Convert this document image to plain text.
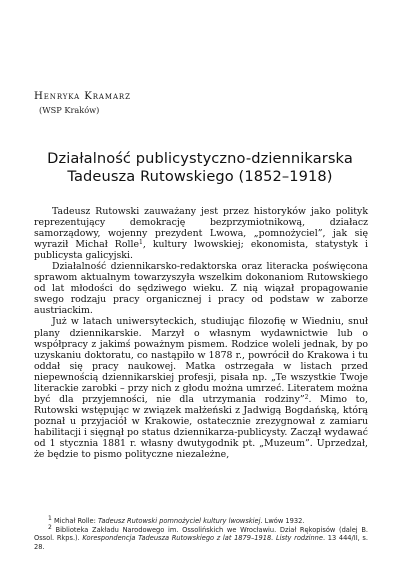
Henryka Kramarz
(WSP Kraków)
Działalność publicystyczno-dziennikarska
Tadeusza Rutowskiego (1852–1918)

Tadeusz Rutowski zauważany jest przez historyków jako polityk reprezentujący demokrację bezprzymiotnikową, działacz samorządowy, wojenny prezydent Lwowa, „pomnożyciel”, jak się wyraził Michał Rolle$^1$, kultury lwowskiej; ekonomista, statystyk i publicysta galicyjski.

Działalność dziennikarsko-redaktorska oraz literacka poświęcona sprawom aktualnym towarzyszyła wszelkim dokonaniom Rutowskiego od lat młodości do sędziwego wieku. Z nią wiązał propagowanie swego rodzaju pracy organicznej i pracy od podstaw w zaborze austriackim.

Już w latach uniwersyteckich, studiując filozofię w Wiedniu, snuł plany dziennikarskie. Marzył o własnym wydawnictwie lub o współpracy z jakimś poważnym pismem. Rodzice woleli jednak, by po uzyskaniu doktoratu, co nastąpiło w 1878 r., powrócił do Krakowa i tu oddał się pracy naukowej. Matka ostrzegała w listach przed niepewnością dziennikarskiej profesji, pisała np. „Te wszystkie Twoje literackie zarobki – przy nich z głodu można umrzeć. Literatem można być dla przyjemności, nie dla utrzymania rodziny”$^2$. Mimo to, Rutowski wstępując w związek małżeński z Jadwigą Bogdańską, którą poznał u przyjaciół w Krakowie, ostatecznie zrezygnował z zamiaru habilitacji i sięgnął po status dziennikarza-publicysty. Zaczął wydawać od 1 stycznia 1881 r. własny dwutygodnik pt. „Muzeum”. Uprzedzał, że będzie to pismo polityczne niezależne,

$^1$ Michał Rolle: Tadeusz Rutowski pomnożyciel kultury lwowskiej. Lwów 1932.

$^2$ Biblioteka Zakładu Narodowego im. Ossolińskich we Wrocławiu. Dział Rękopisów (dalej B. Ossol. Rkps.). Korespondencja Tadeusza Rutowskiego z lat 1879–1918. Listy rodzinne. 13 444/II, s. 28.
